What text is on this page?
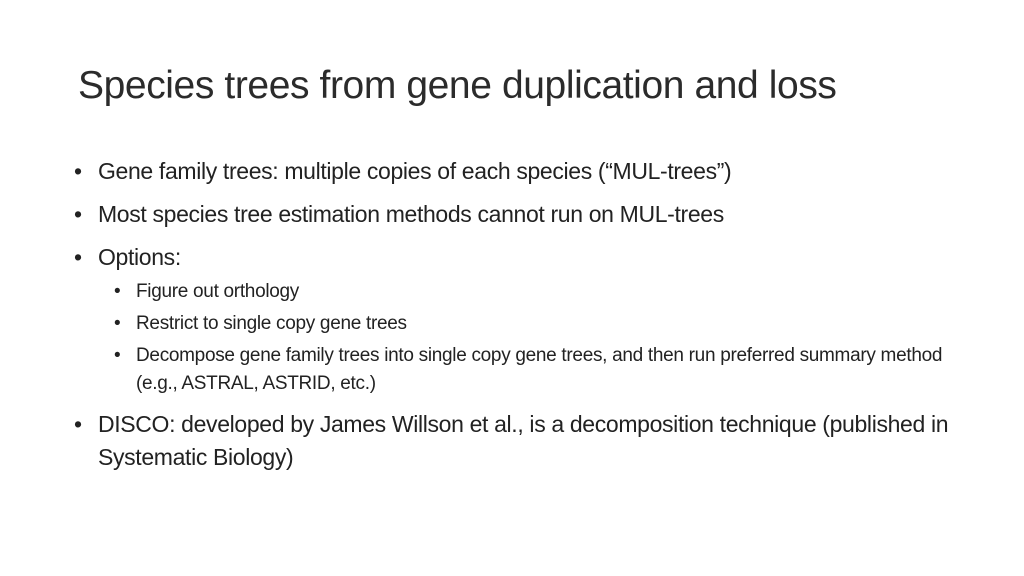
Species trees from gene duplication and loss
• Gene family trees: multiple copies of each species (“MUL-trees”)
• Most species tree estimation methods cannot run on MUL-trees
• Options:
• Figure out orthology
• Restrict to single copy gene trees
• Decompose gene family trees into single copy gene trees, and then run preferred summary method (e.g., ASTRAL, ASTRID, etc.)
• DISCO: developed by James Willson et al., is a decomposition technique (published in Systematic Biology)
